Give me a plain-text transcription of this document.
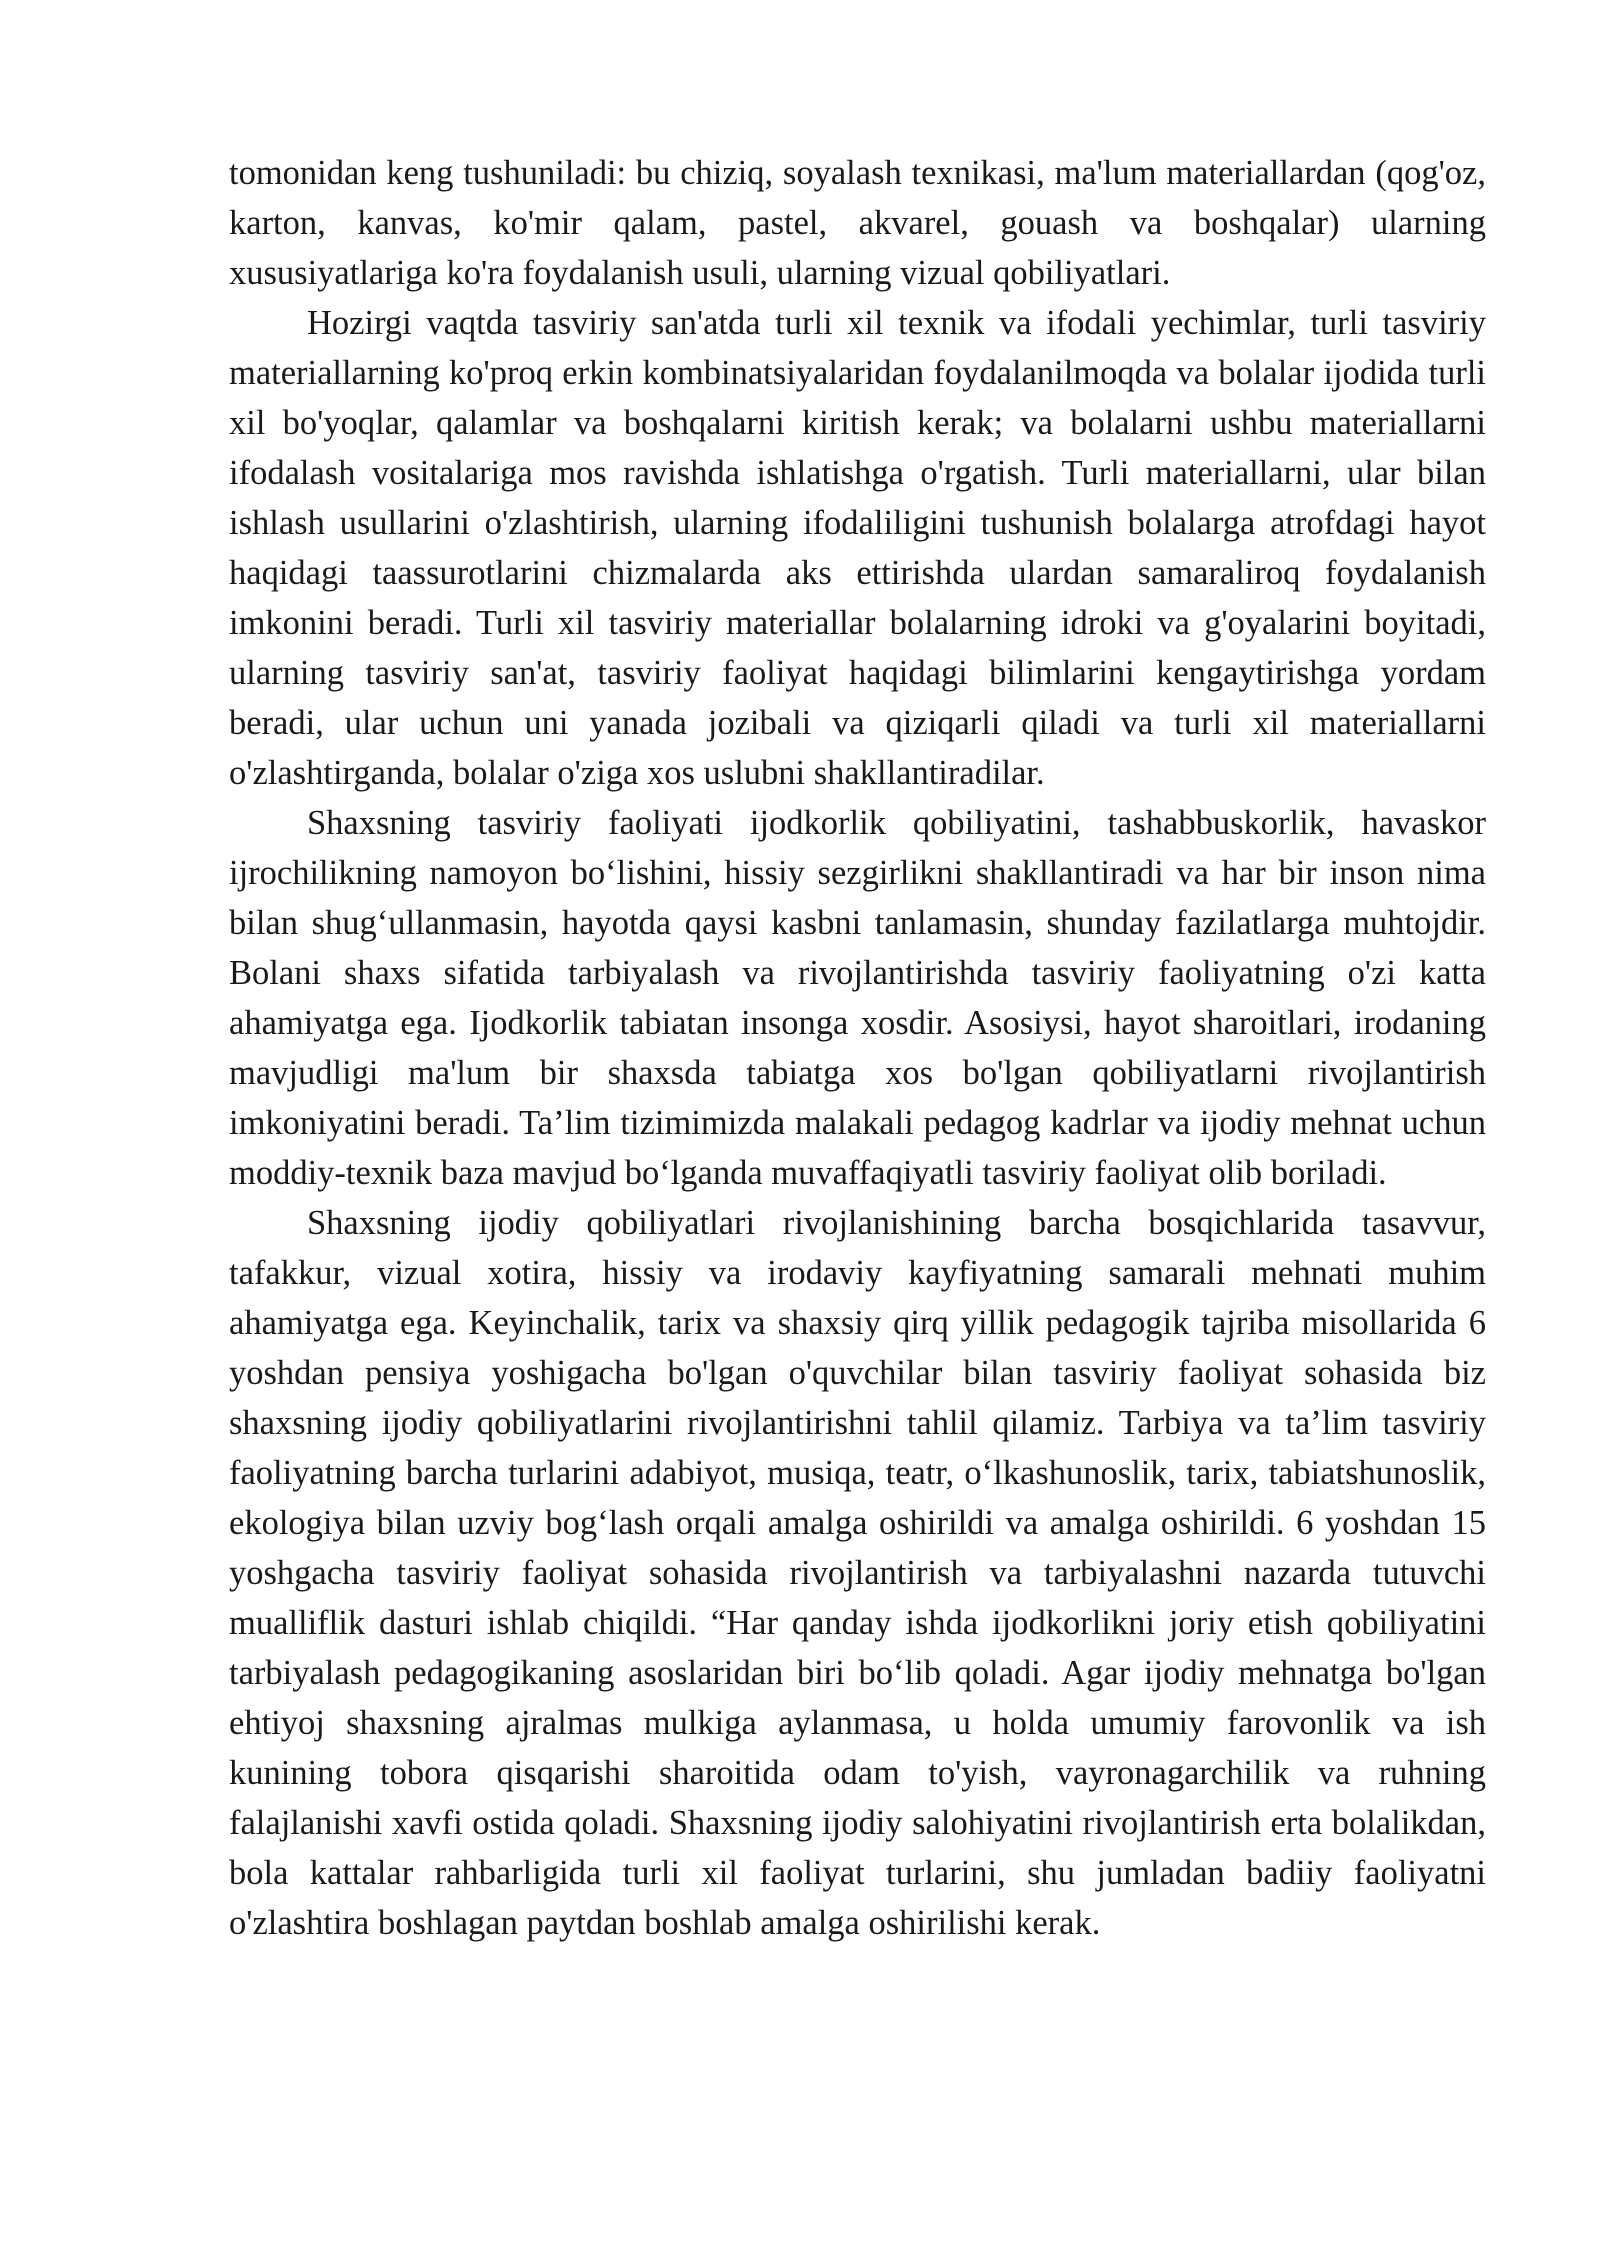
tomonidan keng tushuniladi: bu chiziq, soyalash texnikasi, ma'lum materiallardan (qog'oz, karton, kanvas, ko'mir qalam, pastel, akvarel, gouash va boshqalar) ularning xususiyatlariga ko'ra foydalanish usuli, ularning vizual qobiliyatlari.

Hozirgi vaqtda tasviriy san'atda turli xil texnik va ifodali yechimlar, turli tasviriy materiallarning ko'proq erkin kombinatsiyalaridan foydalanilmoqda va bolalar ijodida turli xil bo'yoqlar, qalamlar va boshqalarni kiritish kerak; va bolalarni ushbu materiallarni ifodalash vositalariga mos ravishda ishlatishga o'rgatish. Turli materiallarni, ular bilan ishlash usullarini o'zlashtirish, ularning ifodaliligini tushunish bolalarga atrofdagi hayot haqidagi taassurotlarini chizmalarda aks ettirishda ulardan samaraliroq foydalanish imkonini beradi. Turli xil tasviriy materiallar bolalarning idroki va g'oyalarini boyitadi, ularning tasviriy san'at, tasviriy faoliyat haqidagi bilimlarini kengaytirishga yordam beradi, ular uchun uni yanada jozibali va qiziqarli qiladi va turli xil materiallarni o'zlashtirganda, bolalar o'ziga xos uslubni shakllantiradilar.

Shaxsning tasviriy faoliyati ijodkorlik qobiliyatini, tashabbuskorlik, havaskor ijrochilikning namoyon bo‘lishini, hissiy sezgirlikni shakllantiradi va har bir inson nima bilan shug‘ullanmasin, hayotda qaysi kasbni tanlamasin, shunday fazilatlarga muhtojdir. Bolani shaxs sifatida tarbiyalash va rivojlantirishda tasviriy faoliyatning o'zi katta ahamiyatga ega. Ijodkorlik tabiatan insonga xosdir. Asosiysi, hayot sharoitlari, irodaning mavjudligi ma'lum bir shaxsda tabiatga xos bo'lgan qobiliyatlarni rivojlantirish imkoniyatini beradi. Ta’lim tizimimizda malakali pedagog kadrlar va ijodiy mehnat uchun moddiy-texnik baza mavjud bo‘lganda muvaffaqiyatli tasviriy faoliyat olib boriladi.

Shaxsning ijodiy qobiliyatlari rivojlanishining barcha bosqichlarida tasavvur, tafakkur, vizual xotira, hissiy va irodaviy kayfiyatning samarali mehnati muhim ahamiyatga ega. Keyinchalik, tarix va shaxsiy qirq yillik pedagogik tajriba misollarida 6 yoshdan pensiya yoshigacha bo'lgan o'quvchilar bilan tasviriy faoliyat sohasida biz shaxsning ijodiy qobiliyatlarini rivojlantirishni tahlil qilamiz. Tarbiya va ta’lim tasviriy faoliyatning barcha turlarini adabiyot, musiqa, teatr, o‘lkashunoslik, tarix, tabiatshunoslik, ekologiya bilan uzviy bog‘lash orqali amalga oshirildi va amalga oshirildi. 6 yoshdan 15 yoshgacha tasviriy faoliyat sohasida rivojlantirish va tarbiyalashni nazarda tutuvchi mualliflik dasturi ishlab chiqildi. “Har qanday ishda ijodkorlikni joriy etish qobiliyatini tarbiyalash pedagogikaning asoslaridan biri bo‘lib qoladi. Agar ijodiy mehnatga bo'lgan ehtiyoj shaxsning ajralmas mulkiga aylanmasa, u holda umumiy farovonlik va ish kunining tobora qisqarishi sharoitida odam to'yish, vayronagarchilik va ruhning falajlanishi xavfi ostida qoladi. Shaxsning ijodiy salohiyatini rivojlantirish erta bolalikdan, bola kattalar rahbarligida turli xil faoliyat turlarini, shu jumladan badiiy faoliyatni o'zlashtira boshlagan paytdan boshlab amalga oshirilishi kerak.
